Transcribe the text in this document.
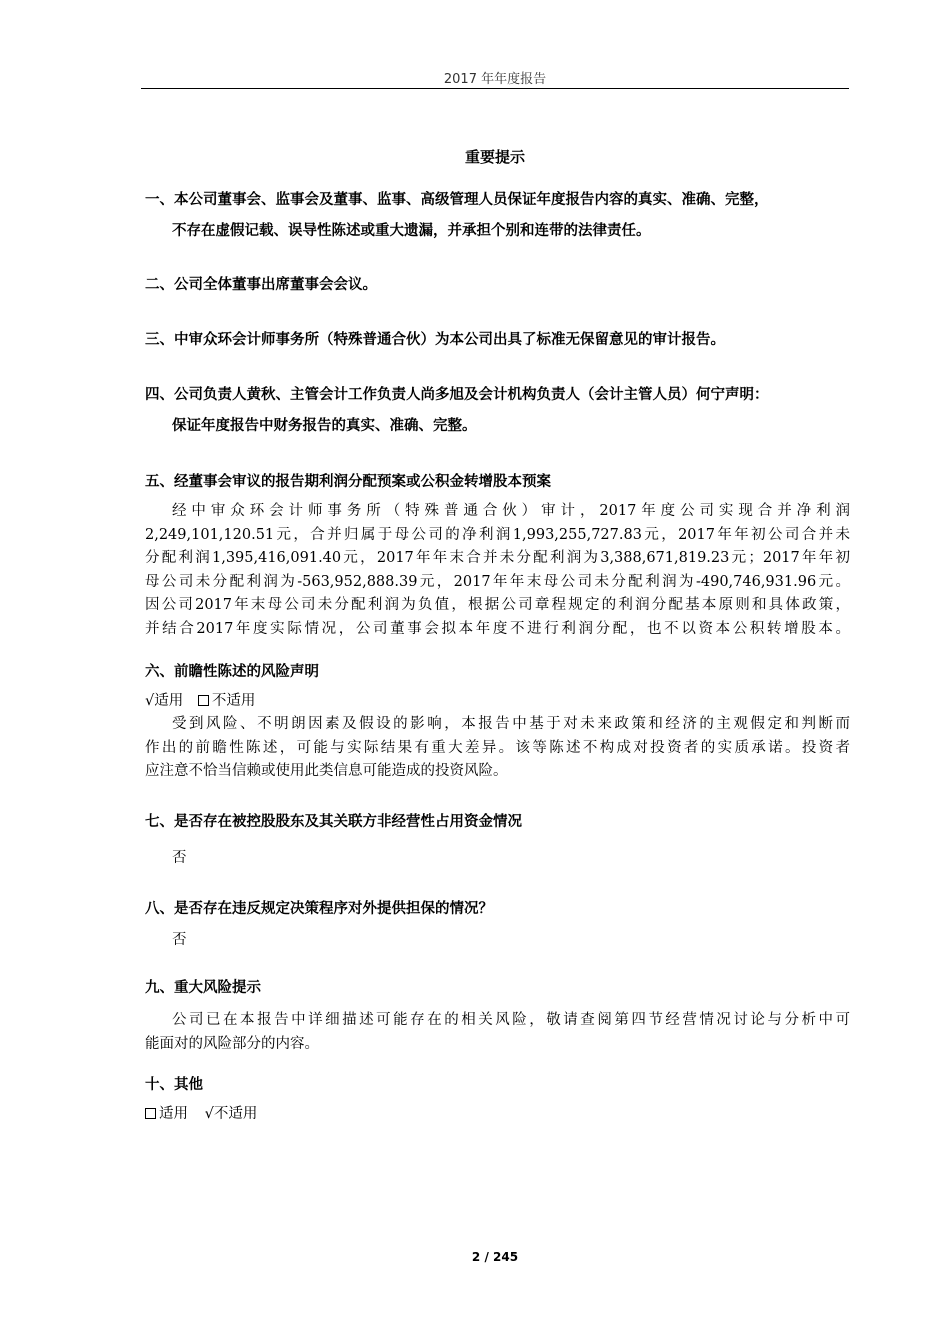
2017 年年度报告
重要提示
一、本公司董事会、监事会及董事、监事、高级管理人员保证年度报告内容的真实、准确、完整，
不存在虚假记载、误导性陈述或重大遗漏，并承担个别和连带的法律责任。
二、公司全体董事出席董事会会议。
三、中审众环会计师事务所（特殊普通合伙）为本公司出具了标准无保留意见的审计报告。
四、公司负责人黄秋、主管会计工作负责人尚多旭及会计机构负责人（会计主管人员）何宁声明：
保证年度报告中财务报告的真实、准确、完整。
五、经董事会审议的报告期利润分配预案或公积金转增股本预案
经中审众环会计师事务所（特殊普通合伙）审计，2017年度公司实现合并净利润
2,249,101,120.51元，合并归属于母公司的净利润1,993,255,727.83元，2017年年初公司合并未
分配利润1,395,416,091.40元，2017年年末合并未分配利润为3,388,671,819.23元；2017年年初
母公司未分配利润为-563,952,888.39元，2017年年末母公司未分配利润为-490,746,931.96元。
因公司2017年末母公司未分配利润为负值，根据公司章程规定的利润分配基本原则和具体政策，
并结合2017年度实际情况，公司董事会拟本年度不进行利润分配，也不以资本公积转增股本。
六、前瞻性陈述的风险声明
√适用 不适用
受到风险、不明朗因素及假设的影响，本报告中基于对未来政策和经济的主观假定和判断而
作出的前瞻性陈述，可能与实际结果有重大差异。该等陈述不构成对投资者的实质承诺。投资者
应注意不恰当信赖或使用此类信息可能造成的投资风险。
七、是否存在被控股股东及其关联方非经营性占用资金情况
否
八、是否存在违反规定决策程序对外提供担保的情况？
否
九、重大风险提示
公司已在本报告中详细描述可能存在的相关风险，敬请查阅第四节经营情况讨论与分析中可
能面对的风险部分的内容。
十、其他
适用 √不适用
2 / 245
